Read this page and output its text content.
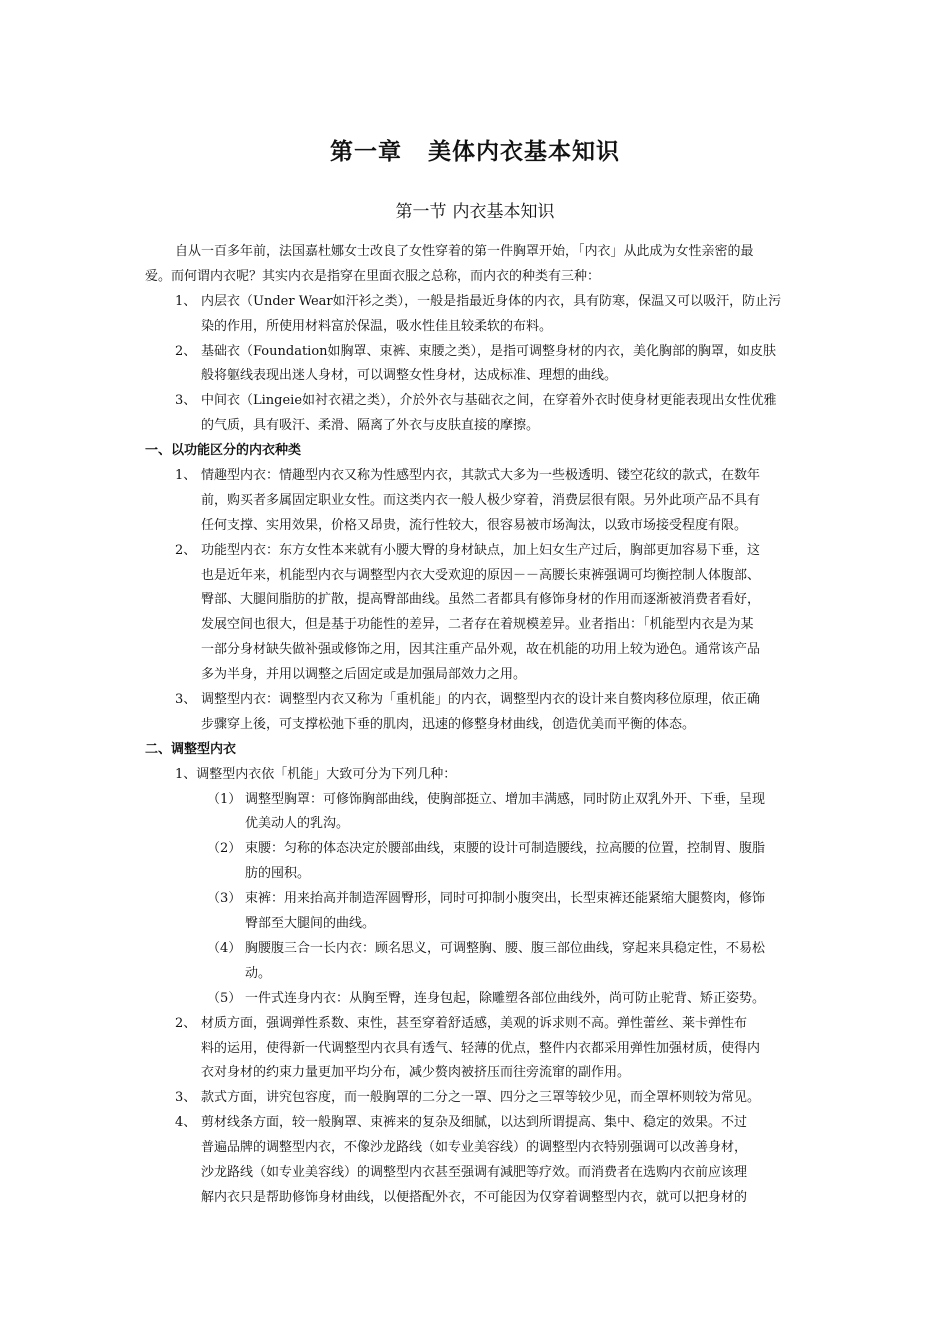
第一章 美体内衣基本知识
第一节 内衣基本知识
自从一百多年前，法国嘉杜娜女士改良了女性穿着的第一件胸罩开始，「内衣」从此成为女性亲密的最
爱。而何谓内衣呢？其实内衣是指穿在里面衣服之总称，而内衣的种类有三种：
1、 内层衣（Under Wear如汗衫之类），一般是指最近身体的内衣，具有防寒，保温又可以吸汗，防止污
染的作用，所使用材料富於保温，吸水性佳且较柔软的布料。
2、 基础衣（Foundation如胸罩、束裤、束腰之类），是指可调整身材的内衣，美化胸部的胸罩，如皮肤
般将躯线表现出迷人身材，可以调整女性身材，达成标准、理想的曲线。
3、 中间衣（Lingeie如衬衣裙之类），介於外衣与基础衣之间，在穿着外衣时使身材更能表现出女性优雅
的气质，具有吸汗、柔滑、隔离了外衣与皮肤直接的摩擦。
一、以功能区分的内衣种类
1、 情趣型内衣：情趣型内衣又称为性感型内衣，其款式大多为一些极透明、镂空花纹的款式，在数年
前，购买者多属固定职业女性。而这类内衣一般人极少穿着，消费层很有限。另外此项产品不具有
任何支撑、实用效果，价格又昂贵，流行性较大，很容易被市场淘汰，以致市场接受程度有限。
2、 功能型内衣：东方女性本来就有小腰大臀的身材缺点，加上妇女生产过后，胸部更加容易下垂，这
也是近年来，机能型内衣与调整型内衣大受欢迎的原因－－高腰长束裤强调可均衡控制人体腹部、
臀部、大腿间脂肪的扩散，提高臀部曲线。虽然二者都具有修饰身材的作用而逐渐被消费者看好，
发展空间也很大，但是基于功能性的差异，二者存在着规模差异。业者指出：「机能型内衣是为某
一部分身材缺失做补强或修饰之用，因其注重产品外观，故在机能的功用上较为逊色。通常该产品
多为半身，并用以调整之后固定或是加强局部效力之用。
3、 调整型内衣：调整型内衣又称为「重机能」的内衣，调整型内衣的设计来自赘肉移位原理，依正确
步骤穿上後，可支撑松弛下垂的肌肉，迅速的修整身材曲线，创造优美而平衡的体态。
二、调整型内衣
1、调整型内衣依「机能」大致可分为下列几种：
（1） 调整型胸罩：可修饰胸部曲线，使胸部挺立、增加丰满感，同时防止双乳外开、下垂，呈现
优美动人的乳沟。
（2） 束腰：匀称的体态决定於腰部曲线，束腰的设计可制造腰线，拉高腰的位置，控制胃、腹脂
肪的囤积。
（3） 束裤：用来抬高并制造浑圆臀形，同时可抑制小腹突出，长型束裤还能紧缩大腿赘肉，修饰
臀部至大腿间的曲线。
（4） 胸腰腹三合一长内衣：顾名思义，可调整胸、腰、腹三部位曲线，穿起来具稳定性，不易松
动。
（5） 一件式连身内衣：从胸至臀，连身包起，除雕塑各部位曲线外，尚可防止驼背、矫正姿势。
2、 材质方面，强调弹性系数、束性，甚至穿着舒适感，美观的诉求则不高。弹性蕾丝、莱卡弹性布
料的运用，使得新一代调整型内衣具有透气、轻薄的优点，整件内衣都采用弹性加强材质，使得内
衣对身材的约束力量更加平均分布，减少赘肉被挤压而往旁流窜的副作用。
3、 款式方面，讲究包容度，而一般胸罩的二分之一罩、四分之三罩等较少见，而全罩杯则较为常见。
4、 剪材线条方面，较一般胸罩、束裤来的复杂及细腻，以达到所谓提高、集中、稳定的效果。不过
普遍品牌的调整型内衣，不像沙龙路线（如专业美容线）的调整型内衣特别强调可以改善身材，
沙龙路线（如专业美容线）的调整型内衣甚至强调有減肥等疗效。而消费者在选购内衣前应该理
解内衣只是帮助修饰身材曲线，以便搭配外衣，不可能因为仅穿着调整型内衣，就可以把身材的
